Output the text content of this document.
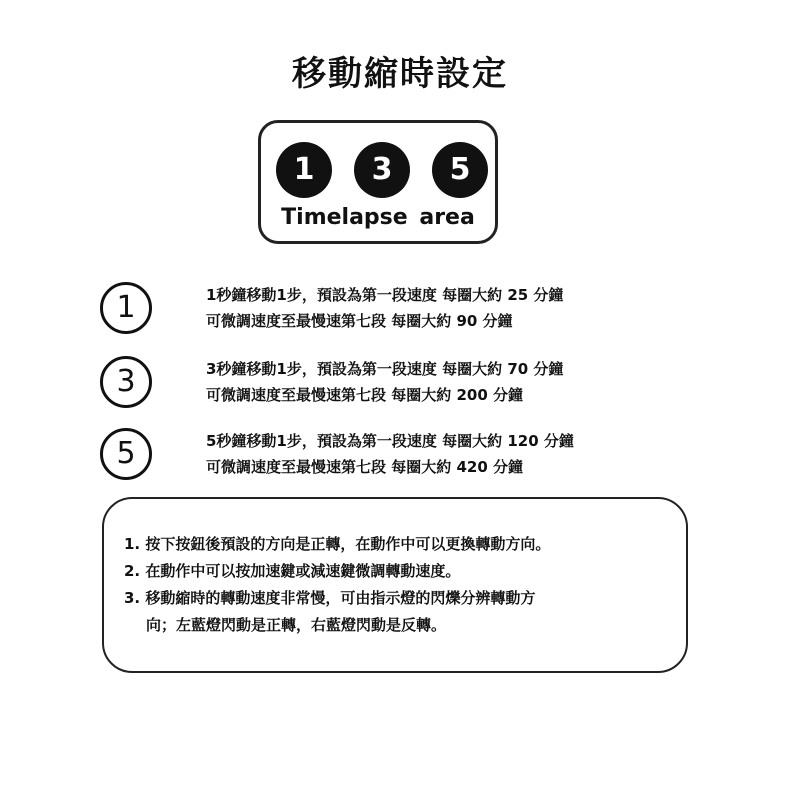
移動縮時設定
1	3	5
Timelapse area
1	1秒鐘移動1步，預設為第一段速度 每圈大約 25 分鐘
可微調速度至最慢速第七段 每圈大約 90 分鐘
3	3秒鐘移動1步，預設為第一段速度 每圈大約 70 分鐘
可微調速度至最慢速第七段 每圈大約 200 分鐘
5	5秒鐘移動1步，預設為第一段速度 每圈大約 120 分鐘
可微調速度至最慢速第七段 每圈大約 420 分鐘
1. 按下按鈕後預設的方向是正轉，在動作中可以更換轉動方向。
2. 在動作中可以按加速鍵或減速鍵微調轉動速度。
3. 移動縮時的轉動速度非常慢，可由指示燈的閃爍分辨轉動方
向；左藍燈閃動是正轉，右藍燈閃動是反轉。
